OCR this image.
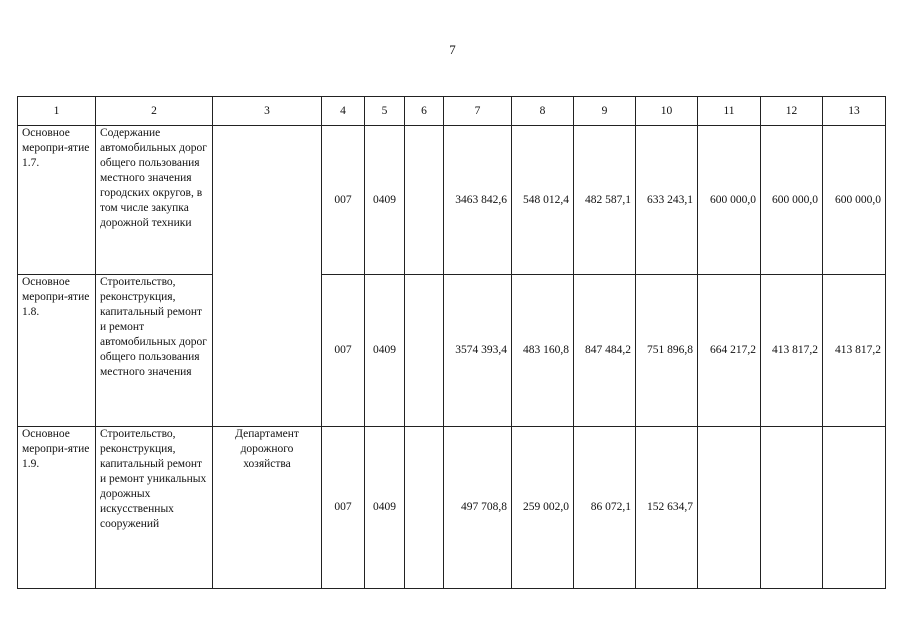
7
1	2	3	4	5	6	7	8	9	10	11	12	13
Основное меропри-ятие 1.7.	Содержание автомобильных дорог общего пользования местного значения городских округов, в том числе закупка дорожной техники		007	0409		3463 842,6	548 012,4	482 587,1	633 243,1	600 000,0	600 000,0	600 000,0
Основное меропри-ятие 1.8.	Строительство, реконструкция, капитальный ремонт и ремонт автомобильных дорог общего пользования местного значения		007	0409		3574 393,4	483 160,8	847 484,2	751 896,8	664 217,2	413 817,2	413 817,2
Основное меропри-ятие 1.9.	Строительство, реконструкция, капитальный ремонт и ремонт уникальных дорожных искусственных сооружений	Департамент дорожного хозяйства	007	0409		497 708,8	259 002,0	86 072,1	152 634,7			
